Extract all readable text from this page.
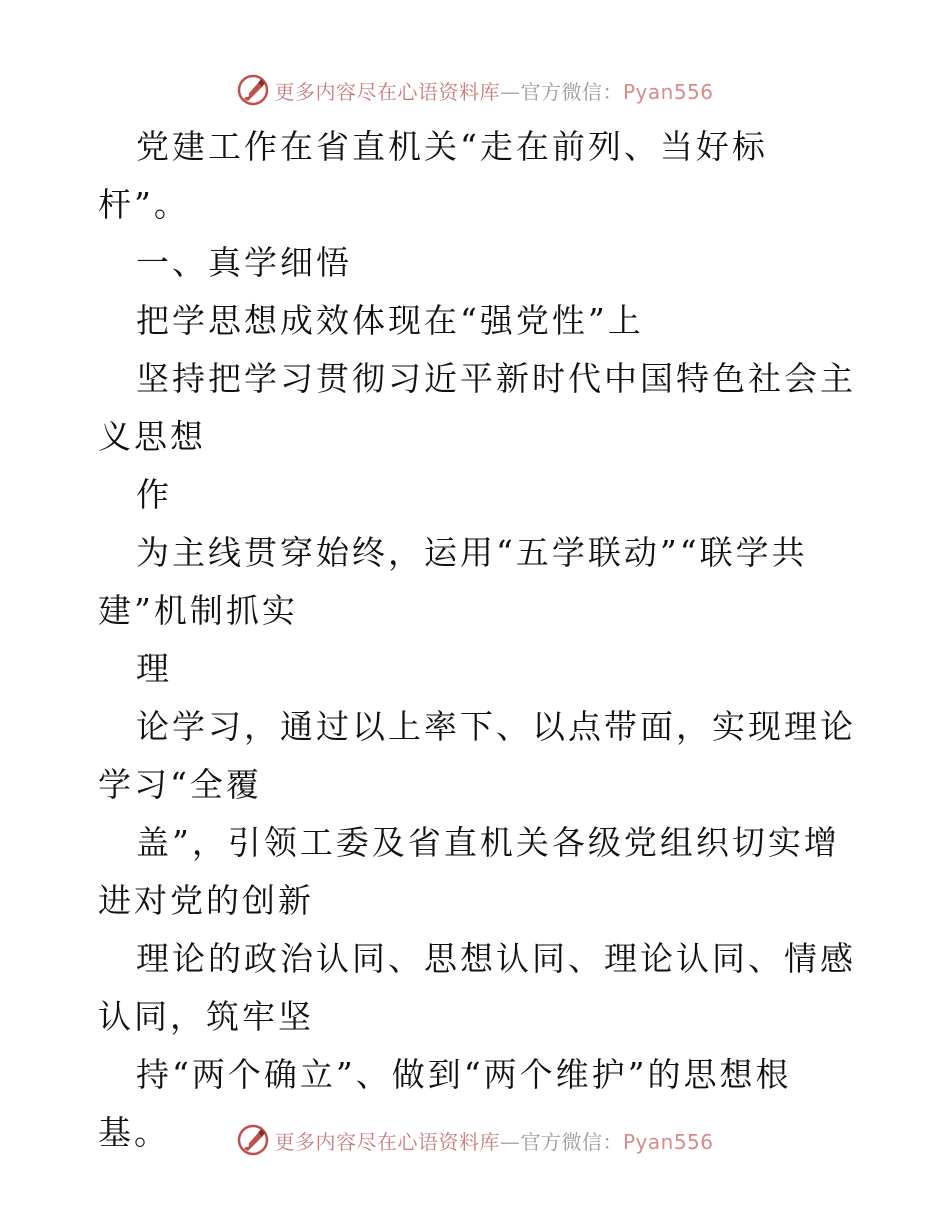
更多内容尽在心语资料库—官方微信：Pyan556

党建工作在省直机关“走在前列、当好标杆”。

一、真学细悟

把学思想成效体现在“强党性”上

坚持把学习贯彻习近平新时代中国特色社会主义思想

作

为主线贯穿始终，运用“五学联动”“联学共建”机制抓实

理

论学习，通过以上率下、以点带面，实现理论学习“全覆

盖”，引领工委及省直机关各级党组织切实增进对党的创新

理论的政治认同、思想认同、理论认同、情感认同，筑牢坚

持“两个确立”、做到“两个维护”的思想根基。	更多内容尽在心语资料库—官方微信：Pyan556
